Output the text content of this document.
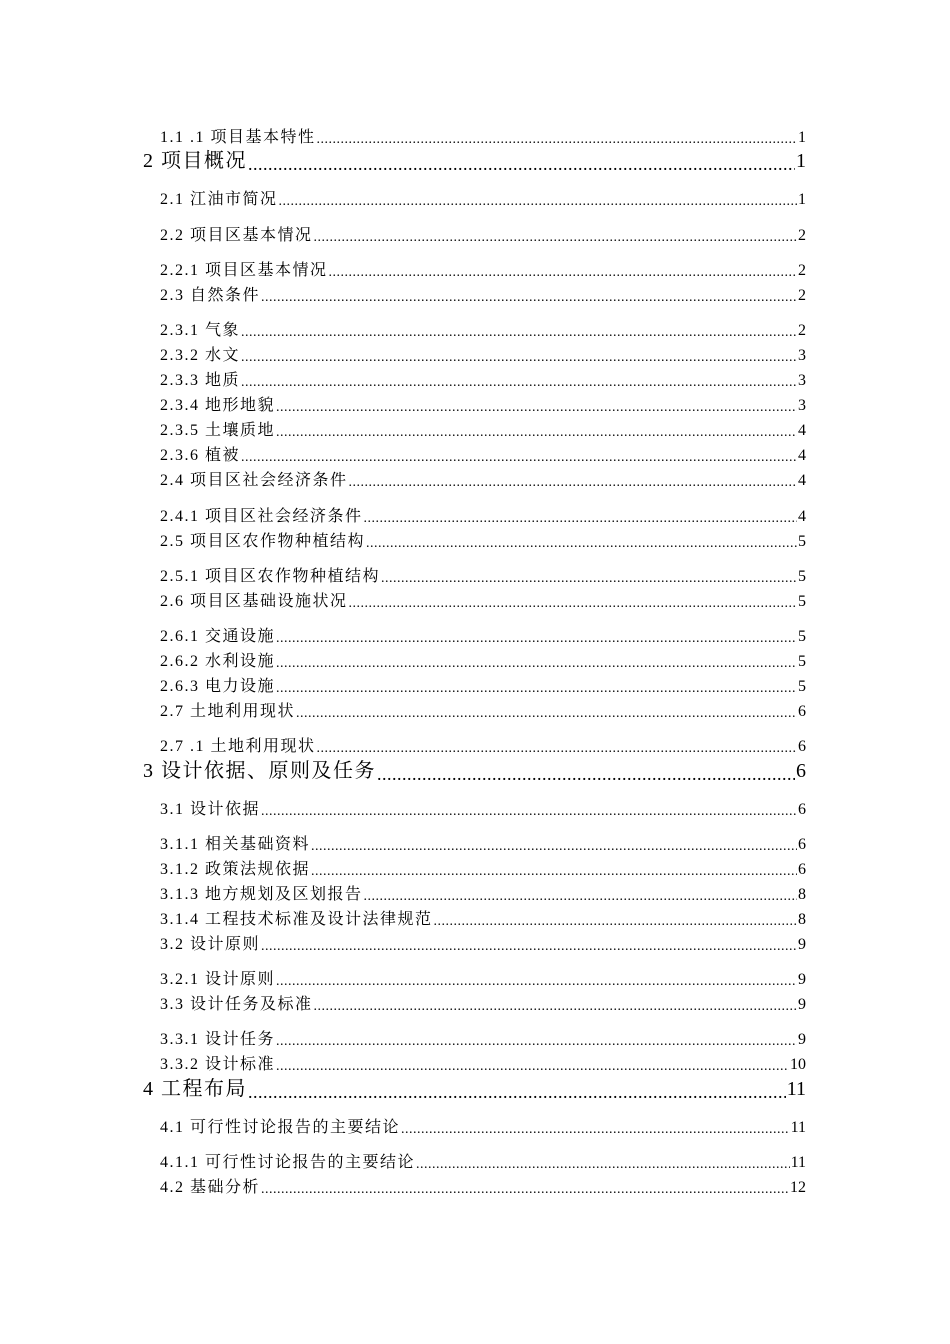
1.1 .1 项目基本特性 .....	1
2 项目概况 .....	1
2.1 江油市简况 .....	1
2.2 项目区基本情况 .....	2
2.2.1 项目区基本情况 .....	2
2.3 自然条件 .....	2
2.3.1 气象 .....	2
2.3.2 水文 .....	3
2.3.3 地质 .....	3
2.3.4 地形地貌 .....	3
2.3.5 土壤质地 .....	4
2.3.6 植被 .....	4
2.4 项目区社会经济条件 .....	4
2.4.1 项目区社会经济条件 .....	4
2.5 项目区农作物种植结构 .....	5
2.5.1 项目区农作物种植结构 .....	5
2.6 项目区基础设施状况 .....	5
2.6.1 交通设施 .....	5
2.6.2 水利设施 .....	5
2.6.3 电力设施 .....	5
2.7 土地利用现状 .....	6
2.7 .1 土地利用现状 .....	6
3 设计依据、原则及任务 .....	6
3.1 设计依据 .....	6
3.1.1 相关基础资料 .....	6
3.1.2 政策法规依据 .....	6
3.1.3 地方规划及区划报告 .....	8
3.1.4 工程技术标准及设计法律规范 .....	8
3.2 设计原则 .....	9
3.2.1 设计原则 .....	9
3.3 设计任务及标准 .....	9
3.3.1 设计任务 .....	9
3.3.2 设计标准 .....	10
4 工程布局 .....	11
4.1 可行性讨论报告的主要结论 .....	11
4.1.1 可行性讨论报告的主要结论 .....	11
4.2 基础分析 .....	12
